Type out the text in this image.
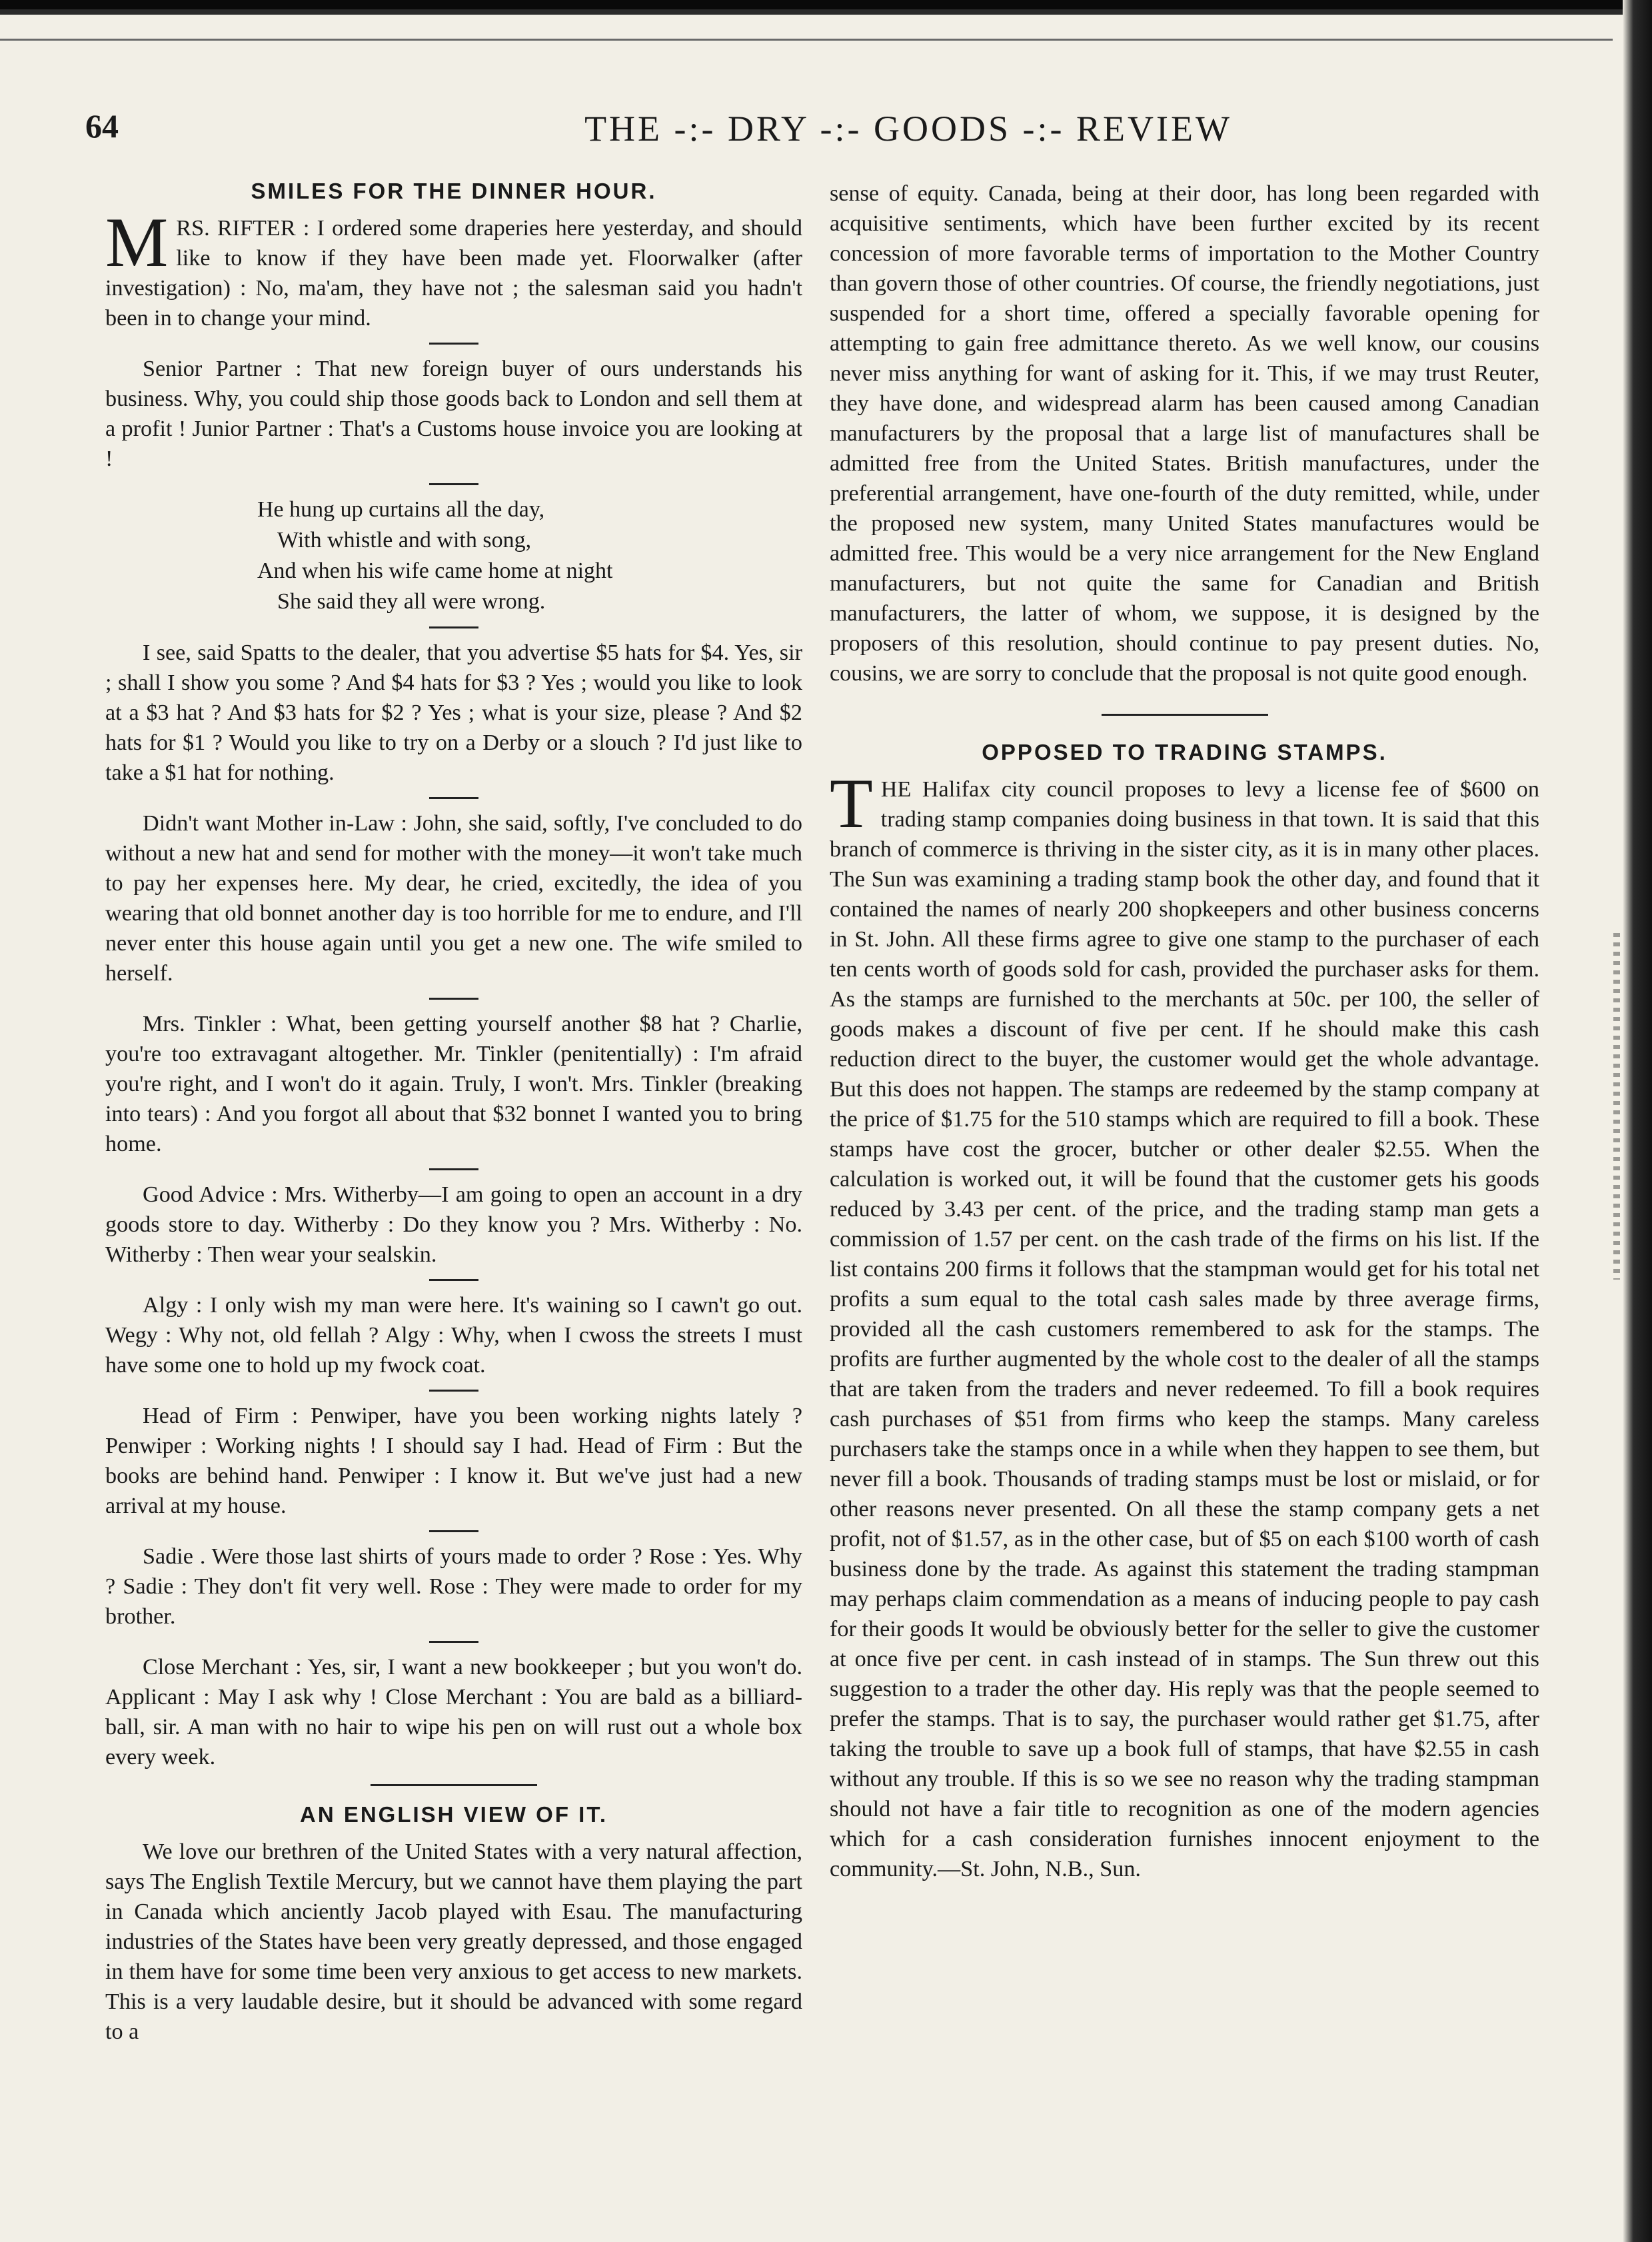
64	THE -:- DRY -:- GOODS -:- REVIEW
SMILES FOR THE DINNER HOUR.

MRS. RIFTER : I ordered some draperies here yesterday, and should like to know if they have been made yet. Floorwalker (after investigation) : No, ma'am, they have not ; the salesman said you hadn't been in to change your mind.

Senior Partner : That new foreign buyer of ours understands his business. Why, you could ship those goods back to London and sell them at a profit ! Junior Partner : That's a Customs house invoice you are looking at !

He hung up curtains all the day,
With whistle and with song,
And when his wife came home at night
She said they all were wrong.

I see, said Spatts to the dealer, that you advertise $5 hats for $4. Yes, sir ; shall I show you some ? And $4 hats for $3 ? Yes ; would you like to look at a $3 hat ? And $3 hats for $2 ? Yes ; what is your size, please ? And $2 hats for $1 ? Would you like to try on a Derby or a slouch ? I'd just like to take a $1 hat for nothing.

Didn't want Mother in-Law : John, she said, softly, I've concluded to do without a new hat and send for mother with the money—it won't take much to pay her expenses here. My dear, he cried, excitedly, the idea of you wearing that old bonnet another day is too horrible for me to endure, and I'll never enter this house again until you get a new one. The wife smiled to herself.

Mrs. Tinkler : What, been getting yourself another $8 hat ? Charlie, you're too extravagant altogether. Mr. Tinkler (penitentially) : I'm afraid you're right, and I won't do it again. Truly, I won't. Mrs. Tinkler (breaking into tears) : And you forgot all about that $32 bonnet I wanted you to bring home.

Good Advice : Mrs. Witherby—I am going to open an account in a dry goods store to day. Witherby : Do they know you ? Mrs. Witherby : No. Witherby : Then wear your sealskin.

Algy : I only wish my man were here. It's waining so I cawn't go out. Wegy : Why not, old fellah ? Algy : Why, when I cwoss the streets I must have some one to hold up my fwock coat.

Head of Firm : Penwiper, have you been working nights lately ? Penwiper : Working nights ! I should say I had. Head of Firm : But the books are behind hand. Penwiper : I know it. But we've just had a new arrival at my house.

Sadie . Were those last shirts of yours made to order ? Rose : Yes. Why ? Sadie : They don't fit very well. Rose : They were made to order for my brother.

Close Merchant : Yes, sir, I want a new bookkeeper ; but you won't do. Applicant : May I ask why ! Close Merchant : You are bald as a billiard-ball, sir. A man with no hair to wipe his pen on will rust out a whole box every week.

AN ENGLISH VIEW OF IT.

We love our brethren of the United States with a very natural affection, says The English Textile Mercury, but we cannot have them playing the part in Canada which anciently Jacob played with Esau. The manufacturing industries of the States have been very greatly depressed, and those engaged in them have for some time been very anxious to get access to new markets. This is a very laudable desire, but it should be advanced with some regard to a

sense of equity. Canada, being at their door, has long been regarded with acquisitive sentiments, which have been further excited by its recent concession of more favorable terms of importation to the Mother Country than govern those of other countries. Of course, the friendly negotiations, just suspended for a short time, offered a specially favorable opening for attempting to gain free admittance thereto. As we well know, our cousins never miss anything for want of asking for it. This, if we may trust Reuter, they have done, and widespread alarm has been caused among Canadian manufacturers by the proposal that a large list of manufactures shall be admitted free from the United States. British manufactures, under the preferential arrangement, have one-fourth of the duty remitted, while, under the proposed new system, many United States manufactures would be admitted free. This would be a very nice arrangement for the New England manufacturers, but not quite the same for Canadian and British manufacturers, the latter of whom, we suppose, it is designed by the proposers of this resolution, should continue to pay present duties. No, cousins, we are sorry to conclude that the proposal is not quite good enough.

OPPOSED TO TRADING STAMPS.

THE Halifax city council proposes to levy a license fee of $600 on trading stamp companies doing business in that town. It is said that this branch of commerce is thriving in the sister city, as it is in many other places. The Sun was examining a trading stamp book the other day, and found that it contained the names of nearly 200 shopkeepers and other business concerns in St. John. All these firms agree to give one stamp to the purchaser of each ten cents worth of goods sold for cash, provided the purchaser asks for them. As the stamps are furnished to the merchants at 50c. per 100, the seller of goods makes a discount of five per cent. If he should make this cash reduction direct to the buyer, the customer would get the whole advantage. But this does not happen. The stamps are redeemed by the stamp company at the price of $1.75 for the 510 stamps which are required to fill a book. These stamps have cost the grocer, butcher or other dealer $2.55. When the calculation is worked out, it will be found that the customer gets his goods reduced by 3.43 per cent. of the price, and the trading stamp man gets a commission of 1.57 per cent. on the cash trade of the firms on his list. If the list contains 200 firms it follows that the stampman would get for his total net profits a sum equal to the total cash sales made by three average firms, provided all the cash customers remembered to ask for the stamps. The profits are further augmented by the whole cost to the dealer of all the stamps that are taken from the traders and never redeemed. To fill a book requires cash purchases of $51 from firms who keep the stamps. Many careless purchasers take the stamps once in a while when they happen to see them, but never fill a book. Thousands of trading stamps must be lost or mislaid, or for other reasons never presented. On all these the stamp company gets a net profit, not of $1.57, as in the other case, but of $5 on each $100 worth of cash business done by the trade. As against this statement the trading stampman may perhaps claim commendation as a means of inducing people to pay cash for their goods It would be obviously better for the seller to give the customer at once five per cent. in cash instead of in stamps. The Sun threw out this suggestion to a trader the other day. His reply was that the people seemed to prefer the stamps. That is to say, the purchaser would rather get $1.75, after taking the trouble to save up a book full of stamps, that have $2.55 in cash without any trouble. If this is so we see no reason why the trading stampman should not have a fair title to recognition as one of the modern agencies which for a cash consideration furnishes innocent enjoyment to the community.—St. John, N.B., Sun.
